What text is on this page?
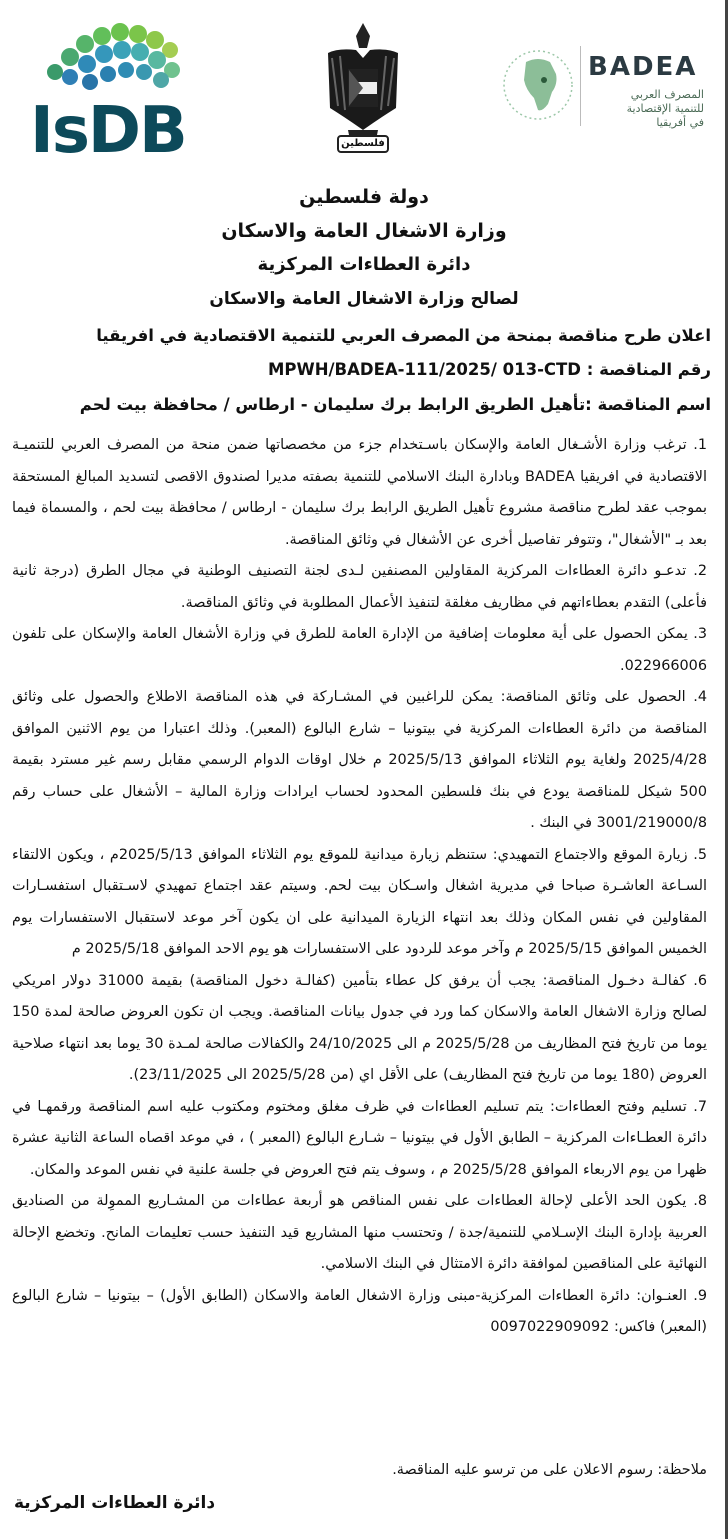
IsDB	فلسطين
BADEA
المصرف العربي
للتنمية الإقتصادية
في أفريقيا
دولة فلسطين
وزارة الاشغال العامة والاسكان
دائرة العطاءات المركزية
لصالح وزارة الاشغال العامة والاسكان
اعلان طرح مناقصة بمنحة من المصرف العربي للتنمية الاقتصادية في افريقيا
رقم المناقصة : MPWH/BADEA-111/2025/ 013-CTD
اسم المناقصة :تأهيل الطريق الرابط برك سليمان - ارطاس / محافظة بيت لحم

1. ترغب وزارة الأشـغال العامة والإسكان باسـتخدام جزء من مخصصاتها ضمن منحة من المصرف العربي للتنميـة الاقتصادية في افريقيا BADEA وبادارة البنك الاسلامي للتنمية بصفته مديرا لصندوق الاقصى لتسديد المبالغ المستحقة بموجب عقد لطرح مناقصة مشروع تأهيل الطريق الرابط برك سليمان - ارطاس / محافظة بيت لحم ، والمسماة فيما بعد بـ "الأشغال"، وتتوفر تفاصيل أخرى عن الأشغال في وثائق المناقصة.

2. تدعـو دائرة العطاءات المركزية المقاولين المصنفين لـدى لجنة التصنيف الوطنية في مجال الطرق (درجة ثانية فأعلى) التقدم بعطاءاتهم في مظاريف مغلقة لتنفيذ الأعمال المطلوبة في وثائق المناقصة.

3. يمكن الحصول على أية معلومات إضافية من الإدارة العامة للطرق في وزارة الأشغال العامة والإسكان على تلفون 022966006.

4. الحصول على وثائق المناقصة: يمكن للراغبين في المشـاركة في هذه المناقصة الاطلاع والحصول على وثائق المناقصة من دائرة العطاءات المركزية في بيتونيا – شارع البالوع (المعبر). وذلك اعتبارا من يوم الاثنين الموافق 2025/4/28 ولغاية يوم الثلاثاء الموافق 2025/5/13 م خلال اوقات الدوام الرسمي مقابل رسم غير مسترد بقيمة 500 شيكل للمناقصة يودع في بنك فلسطين المحدود لحساب ايرادات وزارة المالية – الأشغال على حساب رقم 3001/219000/8 في البنك .

5. زيارة الموقع والاجتماع التمهيدي: ستنظم زيارة ميدانية للموقع يوم الثلاثاء الموافق 2025/5/13م ، ويكون الالتقاء السـاعة العاشـرة صباحا في مديرية اشغال واسـكان بيت لحم. وسيتم عقد اجتماع تمهيدي لاسـتقبال استفسـارات المقاولين في نفس المكان وذلك بعد انتهاء الزيارة الميدانية على ان يكون آخر موعد لاستقبال الاستفسارات يوم الخميس الموافق 2025/5/15 م وآخر موعد للردود على الاستفسارات هو يوم الاحد الموافق 2025/5/18 م

6. كفالـة دخـول المناقصة: يجب أن يرفق كل عطاء بتأمين (كفالـة دخول المناقصة) بقيمة 31000 دولار امريكي لصالح وزارة الاشغال العامة والاسكان كما ورد في جدول بيانات المناقصة. ويجب ان تكون العروض صالحة لمدة 150 يوما من تاريخ فتح المظاريف من 2025/5/28 م الى 24/10/2025 والكفالات صالحة لمـدة 30 يوما بعد انتهاء صلاحية العروض (180 يوما من تاريخ فتح المظاريف) على الأقل اي (من 2025/5/28 الى 23/11/2025).

7. تسليم وفتح العطاءات: يتم تسليم العطاءات في ظرف مغلق ومختوم ومكتوب عليه اسم المناقصة ورقمهـا في دائرة العطـاءات المركزية – الطابق الأول في بيتونيا – شـارع البالوع (المعبر ) ، في موعد اقصاه الساعة الثانية عشرة ظهرا من يوم الاربعاء الموافق 2025/5/28 م ، وسوف يتم فتح العروض في جلسة علنية في نفس الموعد والمكان.

8. يكون الحد الأعلى لإحالة العطاءات على نفس المناقص هو أربعة عطاءات من المشـاريع المموِلة من الصناديق العربية بإدارة البنك الإسـلامي للتنمية/جدة / وتحتسب منها المشاريع قيد التنفيذ حسب تعليمات المانح. وتخضع الإحالة النهائية على المناقصين لموافقة دائرة الامتثال في البنك الاسلامي.

9. العنـوان: دائرة العطاءات المركزية-مبنى وزارة الاشغال العامة والاسكان (الطابق الأول) – بيتونيا – شارع البالوع (المعبر) فاكس: 0097022909092

ملاحظة: رسوم الاعلان على من ترسو عليه المناقصة.
دائرة العطاءات المركزية
